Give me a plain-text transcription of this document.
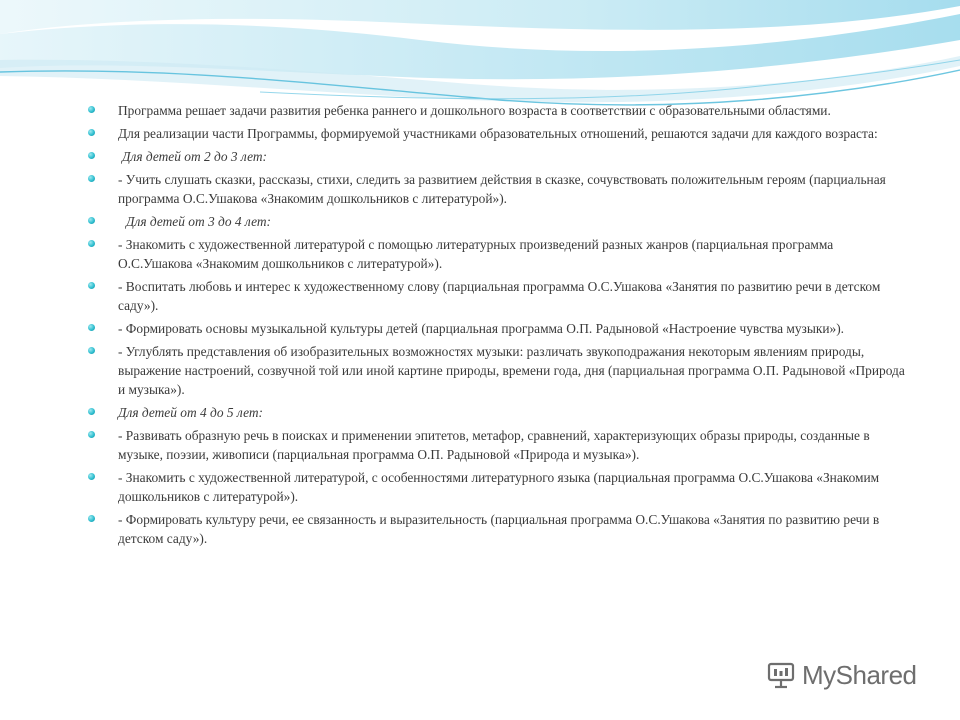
Программа решает задачи развития ребенка раннего и дошкольного возраста в соответствии с образовательными областями.
Для реализации части Программы, формируемой участниками образовательных отношений, решаются задачи для каждого возраста:
Для детей от 2 до 3 лет:
- Учить слушать сказки, рассказы, стихи, следить за развитием действия в сказке, сочувствовать положительным героям (парциальная программа О.С.Ушакова «Знакомим дошкольников с литературой»).
Для детей от 3 до 4 лет:
- Знакомить с художественной литературой с помощью литературных произведений разных жанров (парциальная программа О.С.Ушакова «Знакомим дошкольников с литературой»).
- Воспитать любовь и интерес к художественному слову (парциальная программа О.С.Ушакова «Занятия по развитию речи в детском саду»).
- Формировать основы музыкальной культуры детей (парциальная программа О.П. Радыновой «Настроение чувства музыки»).
- Углублять представления об изобразительных возможностях музыки: различать звукоподражания некоторым явлениям природы, выражение настроений, созвучной той или иной картине природы, времени года, дня (парциальная программа О.П. Радыновой «Природа и музыка»).
Для детей от 4 до 5 лет:
- Развивать образную речь в поисках и применении эпитетов, метафор, сравнений, характеризующих образы природы, созданные в музыке, поэзии, живописи (парциальная программа О.П. Радыновой «Природа и музыка»).
- Знакомить с художественной литературой, с особенностями литературного языка (парциальная программа О.С.Ушакова «Знакомим дошкольников с литературой»).
- Формировать культуру речи, ее связанность и выразительность (парциальная программа О.С.Ушакова «Занятия по развитию речи в детском саду»).
MyShared
